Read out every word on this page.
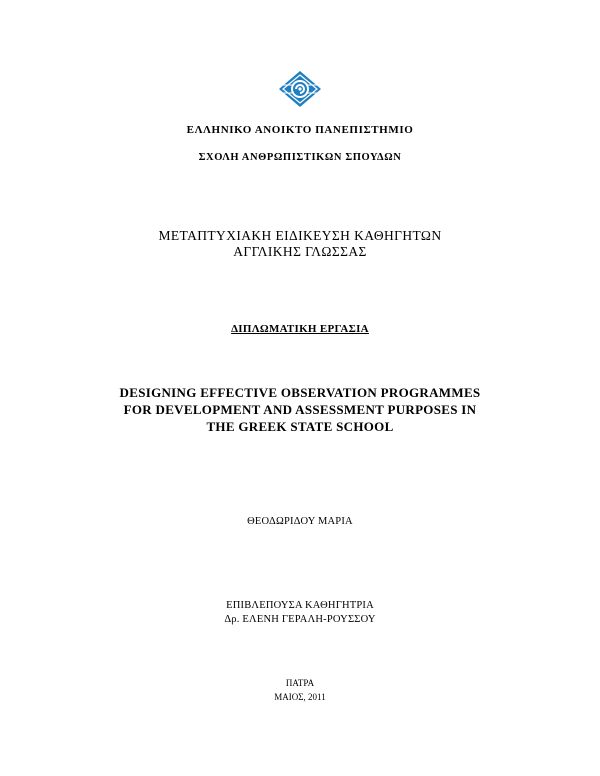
ΕΛΛΗΝΙΚΟ ΑΝΟΙΚΤΟ ΠΑΝΕΠΙΣΤΗΜΙΟ
ΣΧΟΛΗ ΑΝΘΡΩΠΙΣΤΙΚΩΝ ΣΠΟΥΔΩΝ
ΜΕΤΑΠΤΥΧΙΑΚΗ ΕΙΔΙΚΕΥΣΗ ΚΑΘΗΓΗΤΩΝ
ΑΓΓΛΙΚΗΣ ΓΛΩΣΣΑΣ
ΔΙΠΛΩΜΑΤΙΚΗ ΕΡΓΑΣΙΑ
DESIGNING EFFECTIVE OBSERVATION PROGRAMMES
FOR DEVELOPMENT AND ASSESSMENT PURPOSES IN
THE GREEK STATE SCHOOL
ΘΕΟΔΩΡΙΔΟΥ ΜΑΡΙΑ
ΕΠΙΒΛΕΠΟΥΣΑ ΚΑΘΗΓΗΤΡΙΑ
Δρ. ΕΛΕΝΗ ΓΕΡΑΛΗ-ΡΟΥΣΣΟΥ
ΠΑΤΡΑ
ΜΑΙΟΣ, 2011
